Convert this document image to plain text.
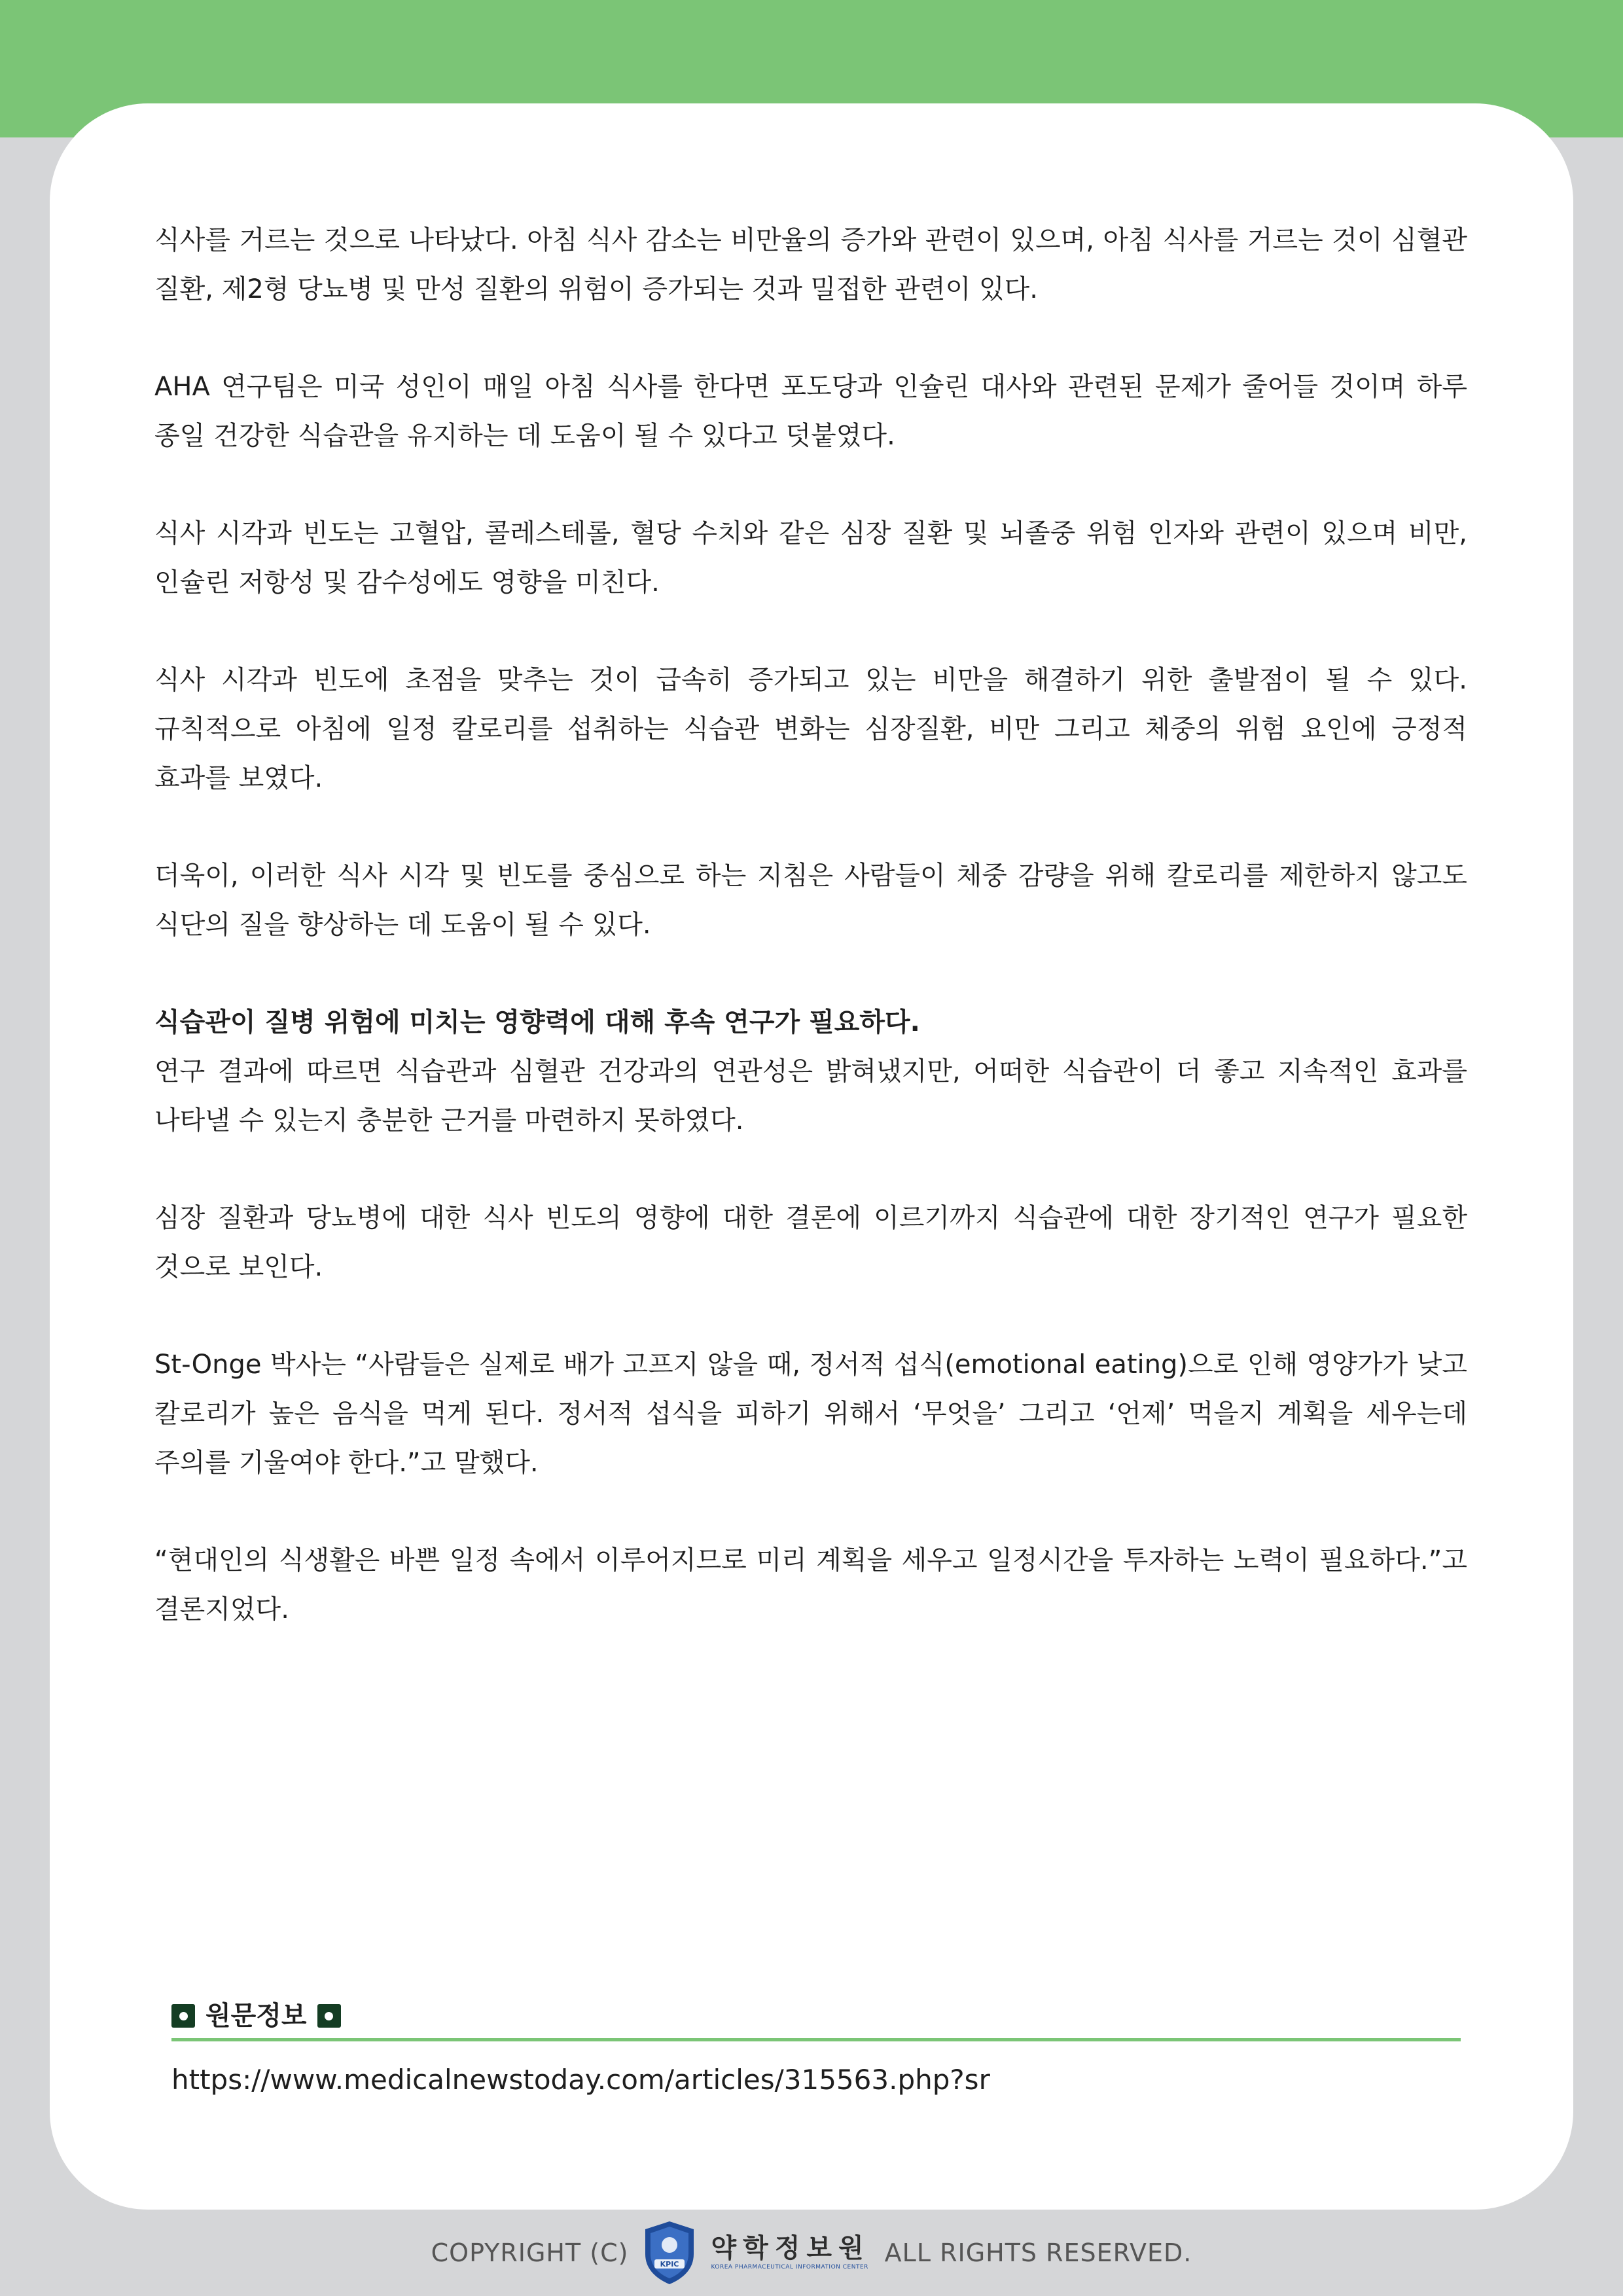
식사를 거르는 것으로 나타났다. 아침 식사 감소는 비만율의 증가와 관련이 있으며, 아침 식사를 거르는 것이 심혈관 질환, 제2형 당뇨병 및 만성 질환의 위험이 증가되는 것과 밀접한 관련이 있다.

AHA 연구팀은 미국 성인이 매일 아침 식사를 한다면 포도당과 인슐린 대사와 관련된 문제가 줄어들 것이며 하루 종일 건강한 식습관을 유지하는 데 도움이 될 수 있다고 덧붙였다.

식사 시각과 빈도는 고혈압, 콜레스테롤, 혈당 수치와 같은 심장 질환 및 뇌졸중 위험 인자와 관련이 있으며 비만, 인슐린 저항성 및 감수성에도 영향을 미친다.

식사 시각과 빈도에 초점을 맞추는 것이 급속히 증가되고 있는 비만을 해결하기 위한 출발점이 될 수 있다. 규칙적으로 아침에 일정 칼로리를 섭취하는 식습관 변화는 심장질환, 비만 그리고 체중의 위험 요인에 긍정적 효과를 보였다.

더욱이, 이러한 식사 시각 및 빈도를 중심으로 하는 지침은 사람들이 체중 감량을 위해 칼로리를 제한하지 않고도 식단의 질을 향상하는 데 도움이 될 수 있다.

식습관이 질병 위험에 미치는 영향력에 대해 후속 연구가 필요하다.
연구 결과에 따르면 식습관과 심혈관 건강과의 연관성은 밝혀냈지만, 어떠한 식습관이 더 좋고 지속적인 효과를 나타낼 수 있는지 충분한 근거를 마련하지 못하였다.

심장 질환과 당뇨병에 대한 식사 빈도의 영향에 대한 결론에 이르기까지 식습관에 대한 장기적인 연구가 필요한 것으로 보인다.

St-Onge 박사는 “사람들은 실제로 배가 고프지 않을 때, 정서적 섭식(emotional eating)으로 인해 영양가가 낮고 칼로리가 높은 음식을 먹게 된다. 정서적 섭식을 피하기 위해서 ‘무엇을’ 그리고 ‘언제’ 먹을지 계획을 세우는데 주의를 기울여야 한다.”고 말했다.

“현대인의 식생활은 바쁜 일정 속에서 이루어지므로 미리 계획을 세우고 일정시간을 투자하는 노력이 필요하다.”고 결론지었다.

원문정보
https://www.medicalnewstoday.com/articles/315563.php?sr
COPYRIGHT (C)	KPIC
약학정보원
KOREA PHARMACEUTICAL INFORMATION CENTER ALL RIGHTS RESERVED.
